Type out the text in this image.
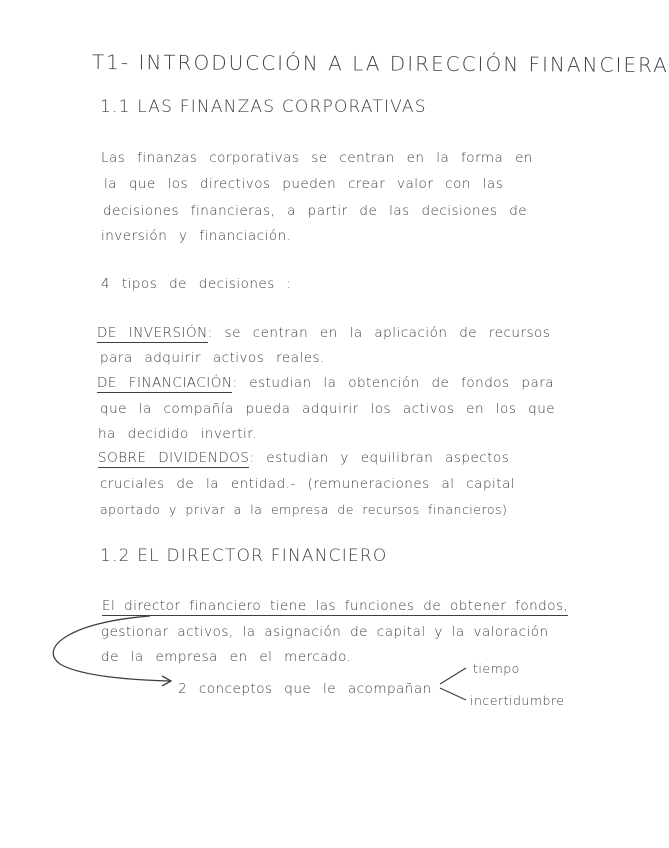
T1- INTRODUCCIÓN A LA DIRECCIÓN FINANCIERA
1.1 LAS FINANZAS CORPORATIVAS
Las finanzas corporativas se centran en la forma en
la que los directivos pueden crear valor con las
decisiones financieras, a partir de las decisiones de
inversión y financiación.
4 tipos de decisiones :
DE INVERSIÓN: se centran en la aplicación de recursos
para adquirir activos reales.
DE FINANCIACIÓN: estudian la obtención de fondos para
que la compañía pueda adquirir los activos en los que
ha decidido invertir.
SOBRE DIVIDENDOS: estudian y equilibran aspectos
cruciales de la entidad.- (remuneraciones al capital
aportado y privar a la empresa de recursos financieros)
1.2 EL DIRECTOR FINANCIERO
El director financiero tiene las funciones de obtener fondos,
gestionar activos, la asignación de capital y la valoración
de la empresa en el mercado.
2 conceptos que le acompañan
tiempo
incertidumbre
